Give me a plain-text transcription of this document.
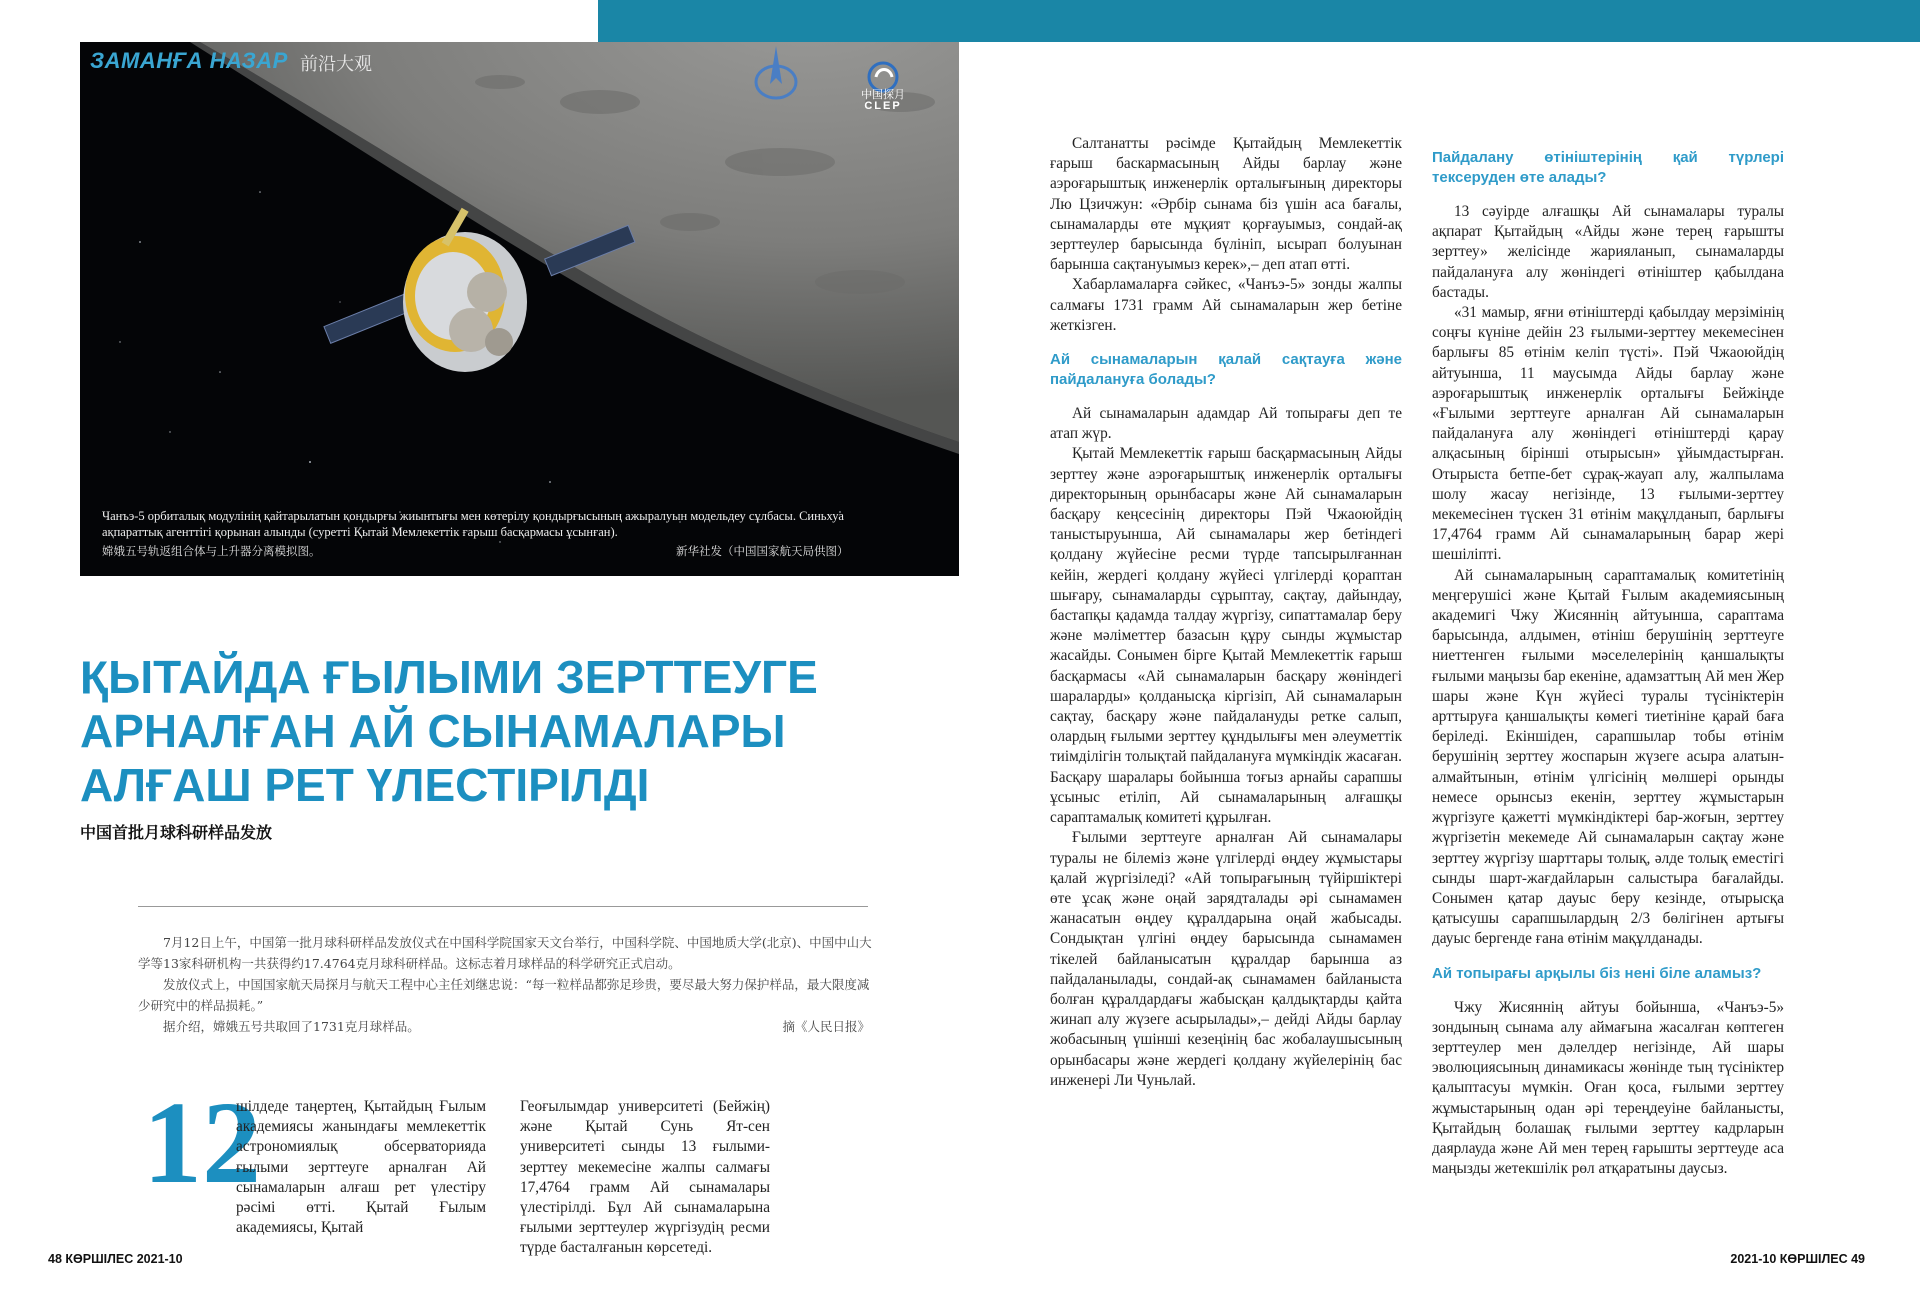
ЗАМАНҒА НАЗАР 前沿大观
中国探月
CLEP
Чанъэ-5 орбиталық модулінің қайтарылатын қондырғы жиынтығы мен көтерілу қондырғысының ажыралуын модельдеу сұлбасы. Синьхуа ақпараттық агенттігі қорынан алынды (суретті Қытай Мемлекеттік ғарыш басқармасы ұсынған).
嫦娥五号轨返组合体与上升器分离模拟图。	新华社发（中国国家航天局供图）
ҚЫТАЙДА ҒЫЛЫМИ ЗЕРТТЕУГЕ АРНАЛҒАН АЙ СЫНАМАЛАРЫ АЛҒАШ РЕТ ҮЛЕСТІРІЛДІ
中国首批月球科研样品发放

7月12日上午，中国第一批月球科研样品发放仪式在中国科学院国家天文台举行，中国科学院、中国地质大学(北京)、中国中山大学等13家科研机构一共获得约17.4764克月球科研样品。这标志着月球样品的科学研究正式启动。

发放仪式上，中国国家航天局探月与航天工程中心主任刘继忠说：“每一粒样品都弥足珍贵，要尽最大努力保护样品，最大限度减少研究中的样品损耗。”

据介绍，嫦娥五号共取回了1731克月球样品。	摘《人民日报》
12

шілдеде таңертең, Қытайдың Ғылым академиясы жанындағы мемлекеттік астрономиялық обсерваторияда ғылыми зерттеуге арналған Ай сынамаларын алғаш рет үлестіру рәсімі өтті. Қытай Ғылым академиясы, Қытай

Геоғылымдар университеті (Бейжің) және Қытай Сунь Ят-сен университеті сынды 13 ғылыми-зерттеу мекемесіне жалпы салмағы 17,4764 грамм Ай сынамалары үлестірілді. Бұл Ай сынамаларына ғылыми зерттеулер жүргізудің ресми түрде басталғанын көрсетеді.

Салтанатты рәсімде Қытайдың Мемлекеттік ғарыш баскармасының Айды барлау және аэроғарыштық инженерлік орталығының директоры Лю Цзичжун: «Әрбір сынама біз үшін аса бағалы, сынамаларды өте мұқият қорғауымыз, сондай-ақ зерттеулер барысында бүлініп, ысырап болуынан барынша сақтануымыз керек»,– деп атап өтті.

Хабарламаларға сәйкес, «Чанъэ-5» зонды жалпы салмағы 1731 грамм Ай сынамаларын жер бетіне жеткізген.

Ай сынамаларын қалай сақтауға және пайдалануға болады?

Ай сынамаларын адамдар Ай топырағы деп те атап жүр.

Қытай Мемлекеттік ғарыш басқармасының Айды зерттеу және аэроғарыштық инженерлік орталығы директорының орынбасары және Ай сынамаларын басқару кеңсесінің директоры Пэй Чжаоюйдің таныстыруынша, Ай сынамалары жер бетіндегі қолдану жүйесіне ресми түрде тапсырылғаннан кейін, жердегі қолдану жүйесі үлгілерді қораптан шығару, сынамаларды сұрыптау, сақтау, дайындау, бастапқы қадамда талдау жүргізу, сипаттамалар беру және мәліметтер базасын құру сынды жұмыстар жасайды. Сонымен бірге Қытай Мемлекеттік ғарыш басқармасы «Ай сынамаларын басқару жөніндегі шараларды» қолданысқа кіргізіп, Ай сынамаларын сақтау, басқару және пайдалануды ретке салып, олардың ғылыми зерттеу құндылығы мен әлеуметтік тиімділігін толықтай пайдалануға мүмкіндік жасаған. Басқару шаралары бойынша тоғыз арнайы сарапшы ұсыныс етіліп, Ай сынамаларының алғашқы сараптамалық комитеті құрылған.

Ғылыми зерттеуге арналған Ай сынамалары туралы не білеміз және үлгілерді өңдеу жұмыстары қалай жүргізіледі? «Ай топырағының түйіршіктері өте ұсақ және оңай зарядталады әрі сынамамен жанасатын өңдеу құралдарына оңай жабысады. Сондықтан үлгіні өңдеу барысында сынамамен тікелей байланысатын құралдар барынша аз пайдаланылады, сондай-ақ сынамамен байланыста болған құралдардағы жабысқан қалдықтарды қайта жинап алу жүзеге асырылады»,– дейді Айды барлау жобасының үшінші кезеңінің бас жобалаушысының орынбасары және жердегі қолдану жүйелерінің бас инженері Ли Чуньлай.

Пайдалану өтініштерінің қай түрлері тексеруден өте алады?

13 сәуірде алғашқы Ай сынамалары туралы ақпарат Қытайдың «Айды және терең ғарышты зерттеу» желісінде жарияланып, сынамаларды пайдалануға алу жөніндегі өтініштер қабылдана бастады.

«31 мамыр, яғни өтініштерді қабылдау мерзімінің соңғы күніне дейін 23 ғылыми-зерттеу мекемесінен барлығы 85 өтінім келіп түсті». Пэй Чжаоюйдің айтуынша, 11 маусымда Айды барлау және аэроғарыштық инженерлік орталығы Бейжіңде «Ғылыми зерттеуге арналған Ай сынамаларын пайдалануға алу жөніндегі өтініштерді қарау алқасының бірінші отырысын» ұйымдастырған. Отырыста бетпе-бет сұрақ-жауап алу, жалпылама шолу жасау негізінде, 13 ғылыми-зерттеу мекемесінен түскен 31 өтінім мақұлданып, барлығы 17,4764 грамм Ай сынамаларының барар жері шешіліпті.

Ай сынамаларының сараптамалық комитетінің меңгерушісі және Қытай Ғылым академиясының академигі Чжу Жисяннің айтуынша, сараптама барысында, алдымен, өтініш берушінің зерттеуге ниеттенген ғылыми мәселелерінің қаншалықты ғылыми маңызы бар екеніне, адамзаттың Ай мен Жер шары және Күн жүйесі туралы түсініктерін арттыруға қаншалықты көмегі тиетініне қарай баға беріледі. Екіншіден, сарапшылар тобы өтінім берушінің зерттеу жоспарын жүзеге асыра алатын-алмайтынын, өтінім үлгісінің мөлшері орынды немесе орынсыз екенін, зерттеу жұмыстарын жүргізуге қажетті мүмкіндіктері бар-жоғын, зерттеу жүргізетін мекемеде Ай сынамаларын сақтау және зерттеу жүргізу шарттары толық, әлде толық еместігі сынды шарт-жағдайларын салыстыра бағалайды. Сонымен қатар дауыс беру кезінде, отырысқа қатысушы сарапшылардың 2/3 бөлігінен артығы дауыс бергенде ғана өтінім мақұлданады.

Ай топырағы арқылы біз нені біле аламыз?

Чжу Жисяннің айтуы бойынша, «Чанъэ-5» зондының сынама алу аймағына жасалған көптеген зерттеулер мен дәлелдер негізінде, Ай шары эволюциясының динамикасы жөнінде тың түсініктер қалыптасуы мүмкін. Оған қоса, ғылыми зерттеу жұмыстарының одан әрі тереңдеуіне байланысты, Қытайдың болашақ ғылыми зерттеу кадрларын даярлауда және Ай мен терең ғарышты зерттеуде аса маңызды жетекшілік рөл атқаратыны даусыз.

48 КӨРШІЛЕС 2021-10	2021-10 КӨРШІЛЕС 49
